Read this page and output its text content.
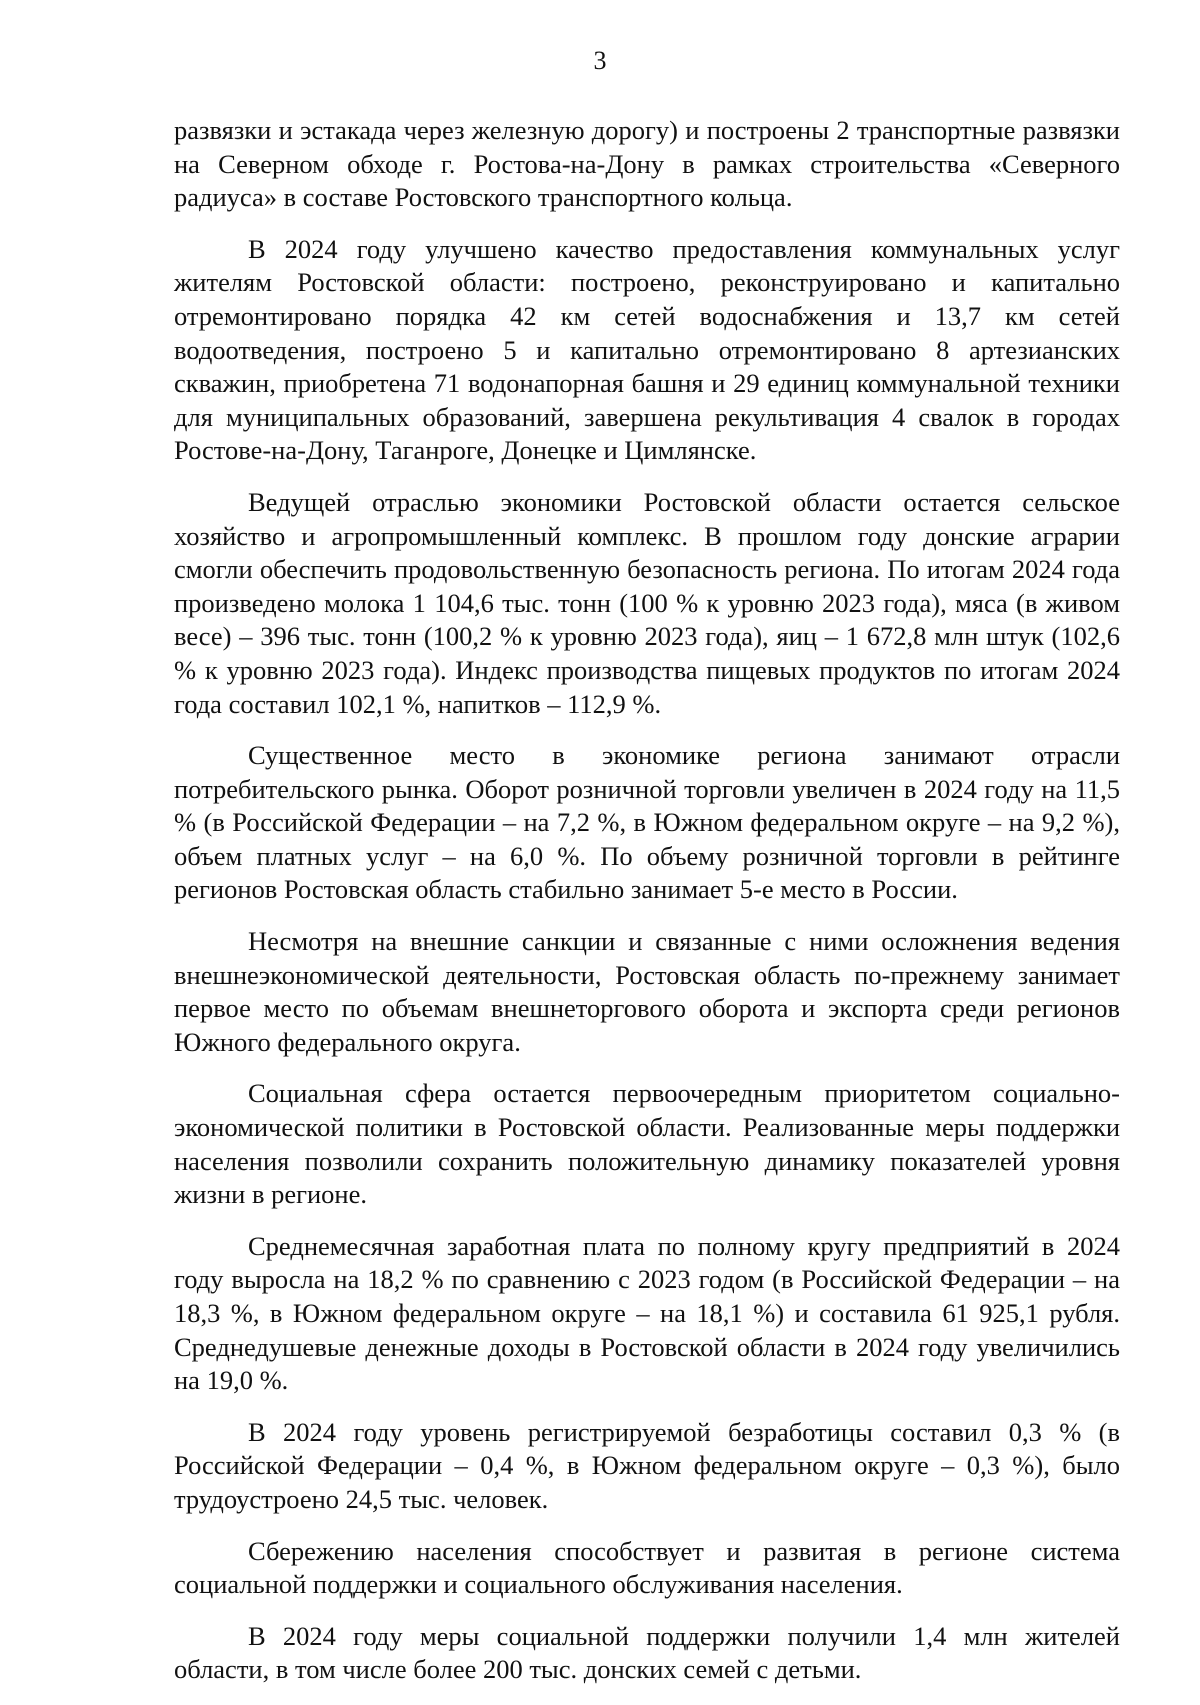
3

развязки и эстакада через железную дорогу) и построены 2 транспортные развязки на Северном обходе г. Ростова-на-Дону в рамках строительства «Северного радиуса» в составе Ростовского транспортного кольца.

В 2024 году улучшено качество предоставления коммунальных услуг жителям Ростовской области: построено, реконструировано и капитально отремонтировано порядка 42 км сетей водоснабжения и 13,7 км сетей водоотведения, построено 5 и капитально отремонтировано 8 артезианских скважин, приобретена 71 водонапорная башня и 29 единиц коммунальной техники для муниципальных образований, завершена рекультивация 4 свалок в городах Ростове-на-Дону, Таганроге, Донецке и Цимлянске.

Ведущей отраслью экономики Ростовской области остается сельское хозяйство и агропромышленный комплекс. В прошлом году донские аграрии смогли обеспечить продовольственную безопасность региона. По итогам 2024 года произведено молока 1 104,6 тыс. тонн (100 % к уровню 2023 года), мяса (в живом весе) – 396 тыс. тонн (100,2 % к уровню 2023 года), яиц – 1 672,8 млн штук (102,6 % к уровню 2023 года). Индекс производства пищевых продуктов по итогам 2024 года составил 102,1 %, напитков – 112,9 %.

Существенное место в экономике региона занимают отрасли потребительского рынка. Оборот розничной торговли увеличен в 2024 году на 11,5 % (в Российской Федерации – на 7,2 %, в Южном федеральном округе – на 9,2 %), объем платных услуг – на 6,0 %. По объему розничной торговли в рейтинге регионов Ростовская область стабильно занимает 5-е место в России.

Несмотря на внешние санкции и связанные с ними осложнения ведения внешнеэкономической деятельности, Ростовская область по-прежнему занимает первое место по объемам внешнеторгового оборота и экспорта среди регионов Южного федерального округа.

Социальная сфера остается первоочередным приоритетом социально-экономической политики в Ростовской области. Реализованные меры поддержки населения позволили сохранить положительную динамику показателей уровня жизни в регионе.

Среднемесячная заработная плата по полному кругу предприятий в 2024 году выросла на 18,2 % по сравнению с 2023 годом (в Российской Федерации – на 18,3 %, в Южном федеральном округе – на 18,1 %) и составила 61 925,1 рубля. Среднедушевые денежные доходы в Ростовской области в 2024 году увеличились на 19,0 %.

В 2024 году уровень регистрируемой безработицы составил 0,3 % (в Российской Федерации – 0,4 %, в Южном федеральном округе – 0,3 %), было трудоустроено 24,5 тыс. человек.

Сбережению населения способствует и развитая в регионе система социальной поддержки и социального обслуживания населения.

В 2024 году меры социальной поддержки получили 1,4 млн жителей области, в том числе более 200 тыс. донских семей с детьми.
